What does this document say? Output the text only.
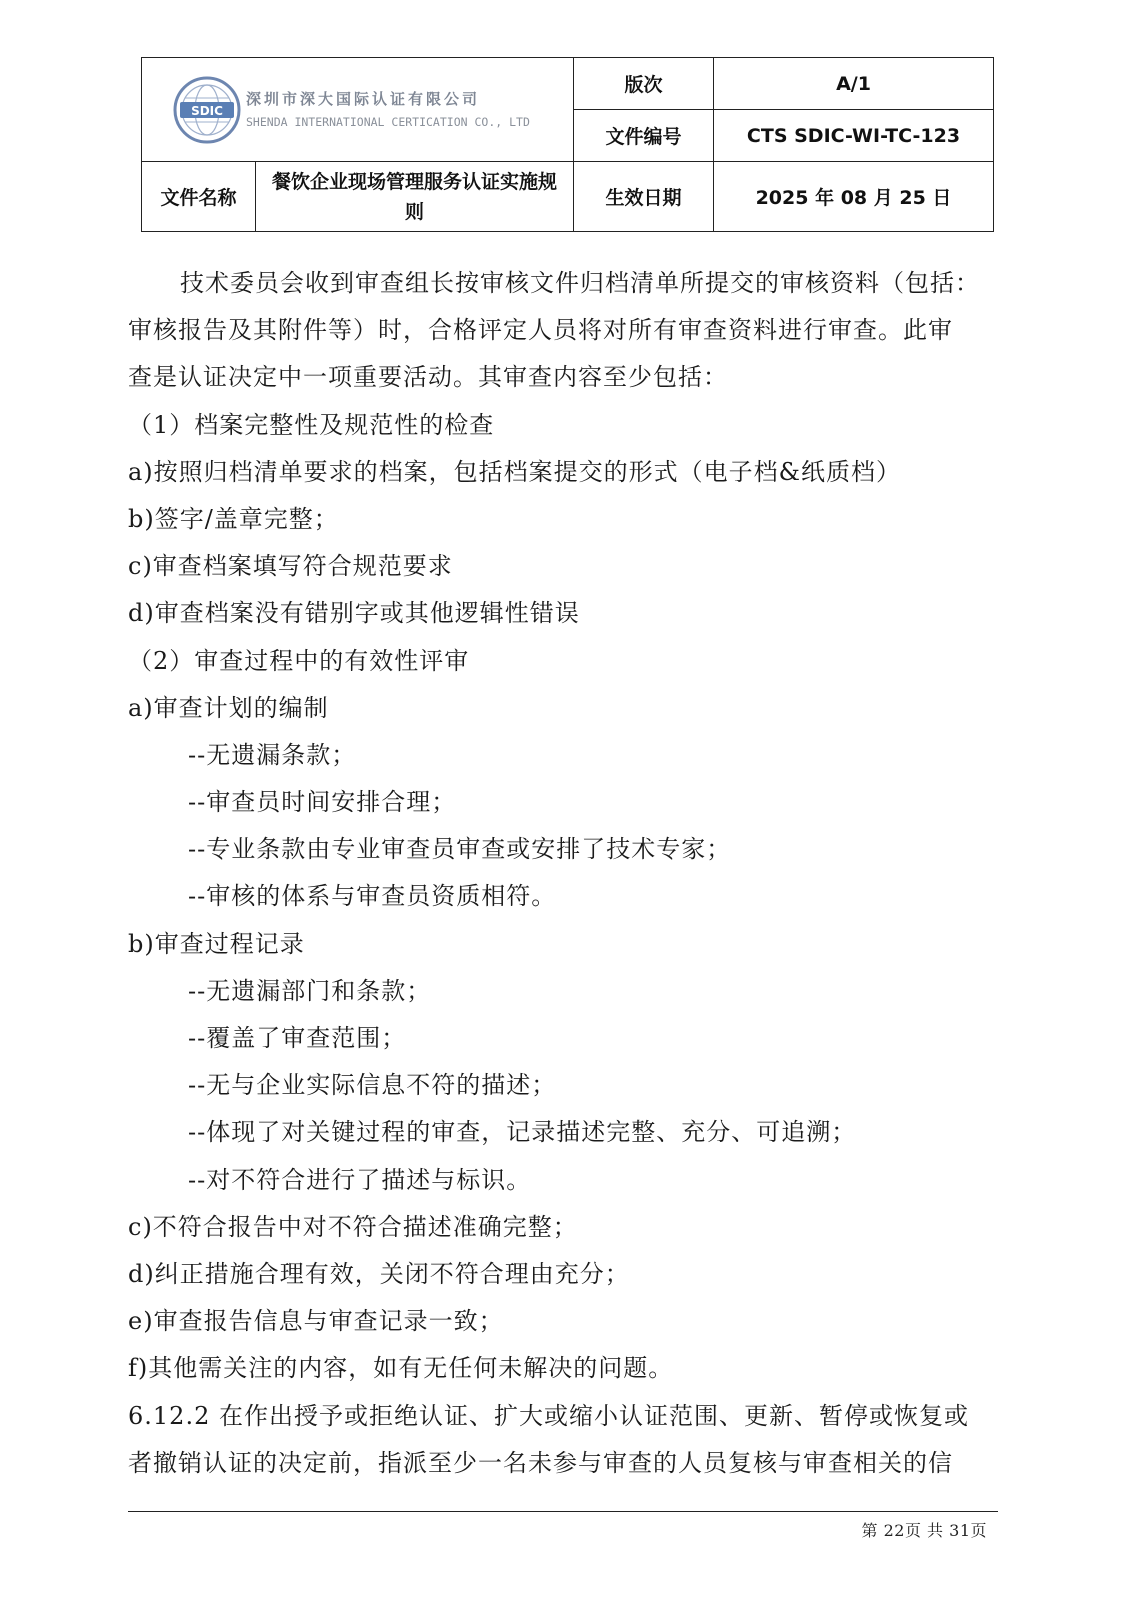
SDIC
深圳市深大国际认证有限公司
SHENDA INTERNATIONAL CERTICATION CO., LTD		版次	A/1
		文件编号	CTS SDIC-WI-TC-123
文件名称	餐饮企业现场管理服务认证实施规则	生效日期	2025 年 08 月 25 日
技术委员会收到审查组长按审核文件归档清单所提交的审核资料（包括：
审核报告及其附件等）时，合格评定人员将对所有审查资料进行审查。此审
查是认证决定中一项重要活动。其审查内容至少包括：
（1）档案完整性及规范性的检查
a)按照归档清单要求的档案，包括档案提交的形式（电子档&纸质档）
b)签字/盖章完整；
c)审查档案填写符合规范要求
d)审查档案没有错别字或其他逻辑性错误
（2）审查过程中的有效性评审
a)审查计划的编制
--无遗漏条款；
--审查员时间安排合理；
--专业条款由专业审查员审查或安排了技术专家；
--审核的体系与审查员资质相符。
b)审查过程记录
--无遗漏部门和条款；
--覆盖了审查范围；
--无与企业实际信息不符的描述；
--体现了对关键过程的审查，记录描述完整、充分、可追溯；
--对不符合进行了描述与标识。
c)不符合报告中对不符合描述准确完整；
d)纠正措施合理有效，关闭不符合理由充分；
e)审查报告信息与审查记录一致；
f)其他需关注的内容，如有无任何未解决的问题。
6.12.2 在作出授予或拒绝认证、扩大或缩小认证范围、更新、暂停或恢复或
者撤销认证的决定前，指派至少一名未参与审查的人员复核与审查相关的信
第 22页 共 31页
